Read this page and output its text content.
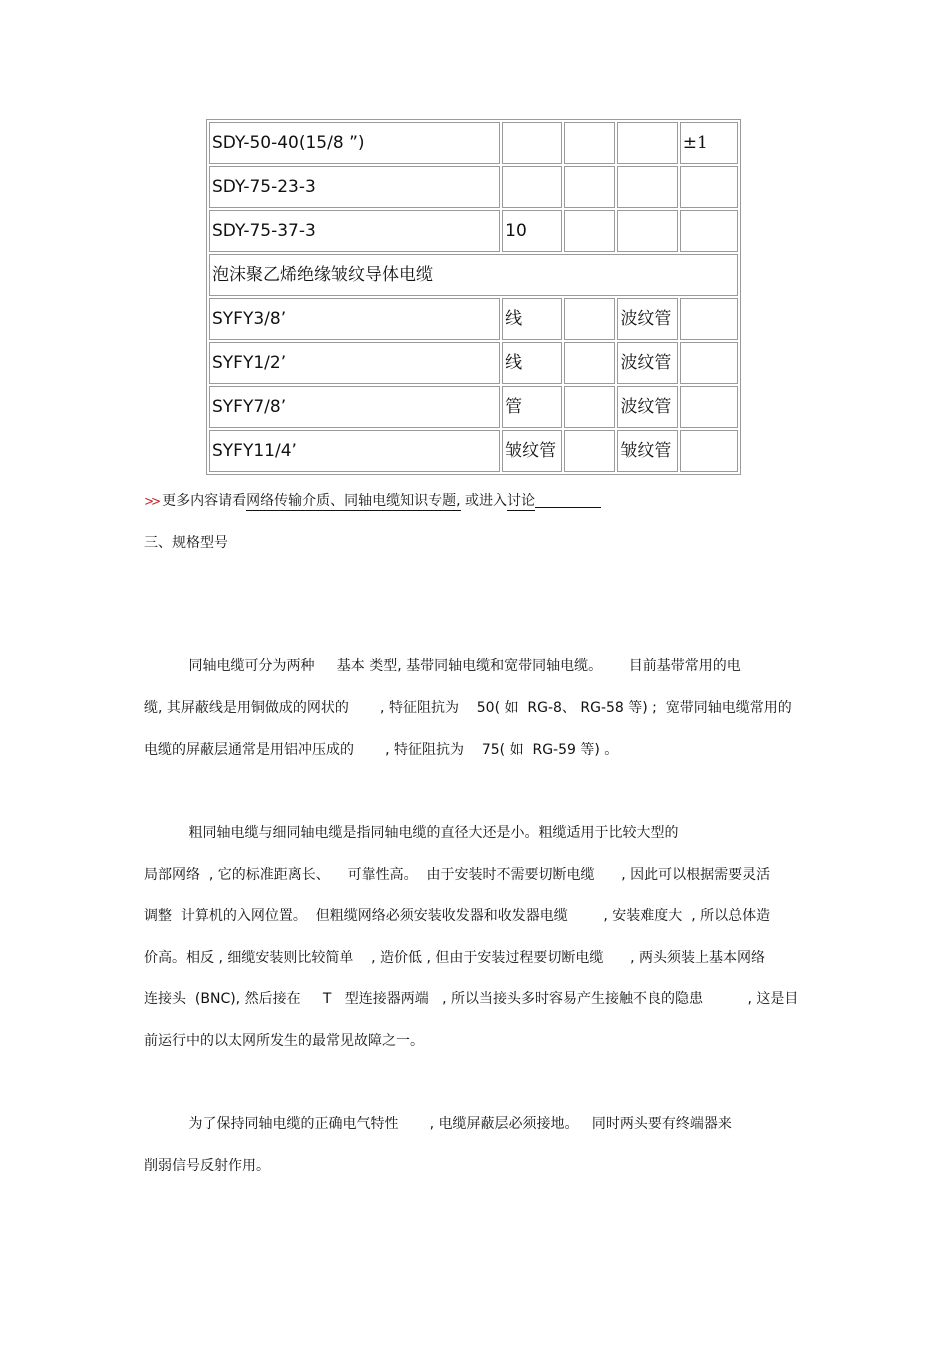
SDY-50-40(15/8 ”)				±1
SDY-75-23-3				
SDY-75-37-3	10			
泡沫聚乙烯绝缘皱纹导体电缆				
SYFY3/8’	线		波纹管	
SYFY1/2’	线		波纹管	
SYFY7/8’	管		波纹管	
SYFY11/4’	皱纹管		皱纹管	
>> 更多内容请看网络传输介质、同轴电缆知识专题, 或进入讨论
三、规格型号
同轴电缆可分为两种     基本 类型, 基带同轴电缆和宽带同轴电缆。      目前基带常用的电
缆, 其屏蔽线是用铜做成的网状的       , 特征阻抗为    50( 如  RG-8、 RG-58 等) ;  宽带同轴电缆常用的
电缆的屏蔽层通常是用铝冲压成的       , 特征阻抗为    75( 如  RG-59 等) 。
粗同轴电缆与细同轴电缆是指同轴电缆的直径大还是小。粗缆适用于比较大型的
局部网络  , 它的标准距离长、    可靠性高。  由于安装时不需要切断电缆      , 因此可以根据需要灵活
调整  计算机的入网位置。  但粗缆网络必须安装收发器和收发器电缆        , 安装难度大  , 所以总体造
价高。相反 , 细缆安装则比较简单    , 造价低 , 但由于安装过程要切断电缆      , 两头须装上基本网络
连接头  (BNC), 然后接在     T   型连接器两端   , 所以当接头多时容易产生接触不良的隐患          , 这是目
前运行中的以太网所发生的最常见故障之一。
为了保持同轴电缆的正确电气特性       , 电缆屏蔽层必须接地。   同时两头要有终端器来
削弱信号反射作用。
